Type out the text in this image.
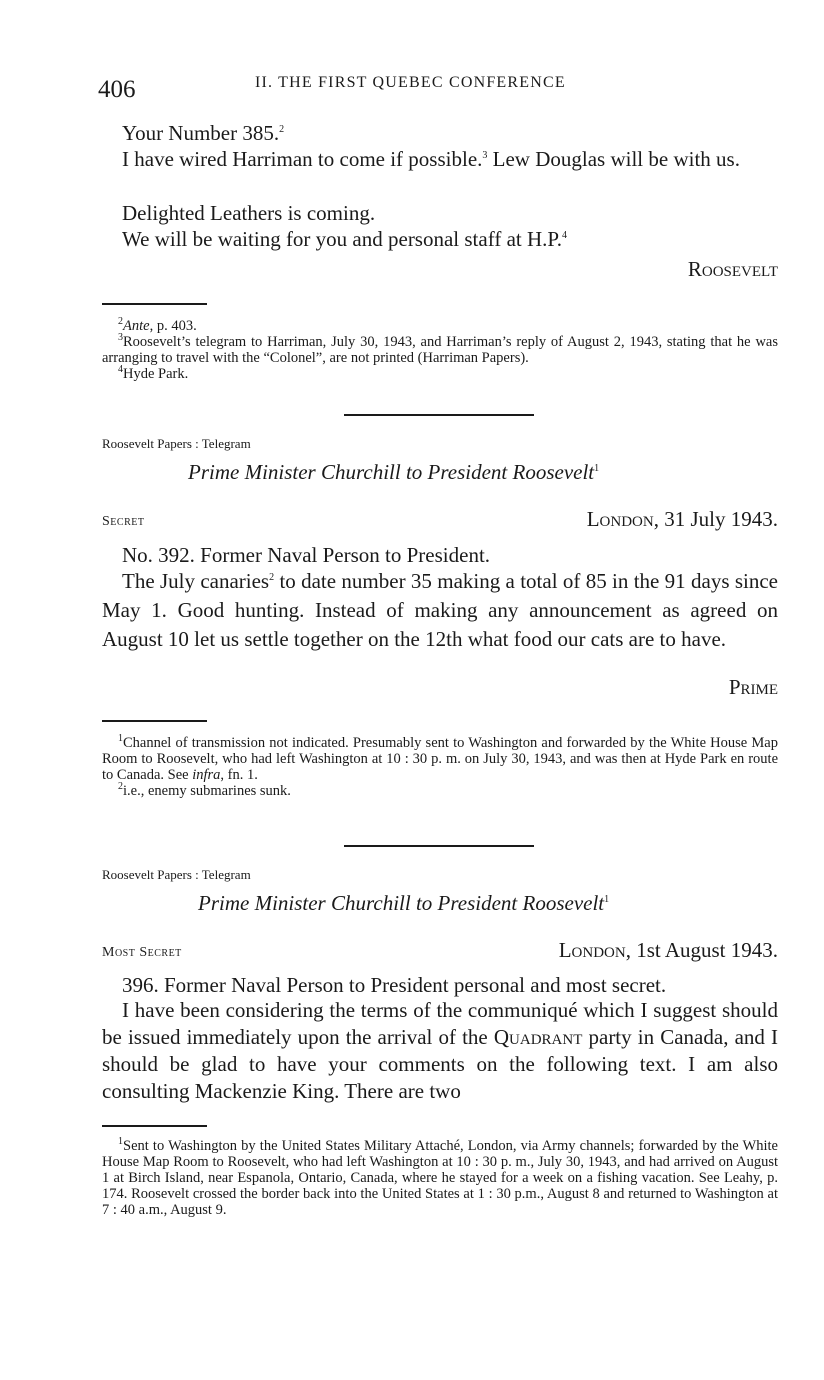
406	II. THE FIRST QUEBEC CONFERENCE
Your Number 385.$^2$
I have wired Harriman to come if possible.$^3$ Lew Douglas will be with us.
Delighted Leathers is coming.
We will be waiting for you and personal staff at H.P.$^4$
Roosevelt
$^2$Ante, p. 403.
$^3$Roosevelt’s telegram to Harriman, July 30, 1943, and Harriman’s reply of August 2, 1943, stating that he was arranging to travel with the “Colonel”, are not printed (Harriman Papers).
$^4$Hyde Park.
Roosevelt Papers : Telegram
Prime Minister Churchill to President Roosevelt$^1$
Secret	London, 31 July 1943.
No. 392. Former Naval Person to President.
The July canaries$^2$ to date number 35 making a total of 85 in the 91 days since May 1. Good hunting. Instead of making any announcement as agreed on August 10 let us settle together on the 12th what food our cats are to have.
Prime
$^1$Channel of transmission not indicated. Presumably sent to Washington and forwarded by the White House Map Room to Roosevelt, who had left Washington at 10 : 30 p. m. on July 30, 1943, and was then at Hyde Park en route to Canada. See infra, fn. 1.
$^2$i.e., enemy submarines sunk.
Roosevelt Papers : Telegram
Prime Minister Churchill to President Roosevelt$^1$
Most Secret	London, 1st August 1943.
396. Former Naval Person to President personal and most secret.
I have been considering the terms of the communiqué which I suggest should be issued immediately upon the arrival of the Quadrant party in Canada, and I should be glad to have your comments on the following text. I am also consulting Mackenzie King. There are two
$^1$Sent to Washington by the United States Military Attaché, London, via Army channels; forwarded by the White House Map Room to Roosevelt, who had left Washington at 10 : 30 p. m., July 30, 1943, and had arrived on August 1 at Birch Island, near Espanola, Ontario, Canada, where he stayed for a week on a fishing vacation. See Leahy, p. 174. Roosevelt crossed the border back into the United States at 1 : 30 p.m., August 8 and returned to Washington at 7 : 40 a.m., August 9.
